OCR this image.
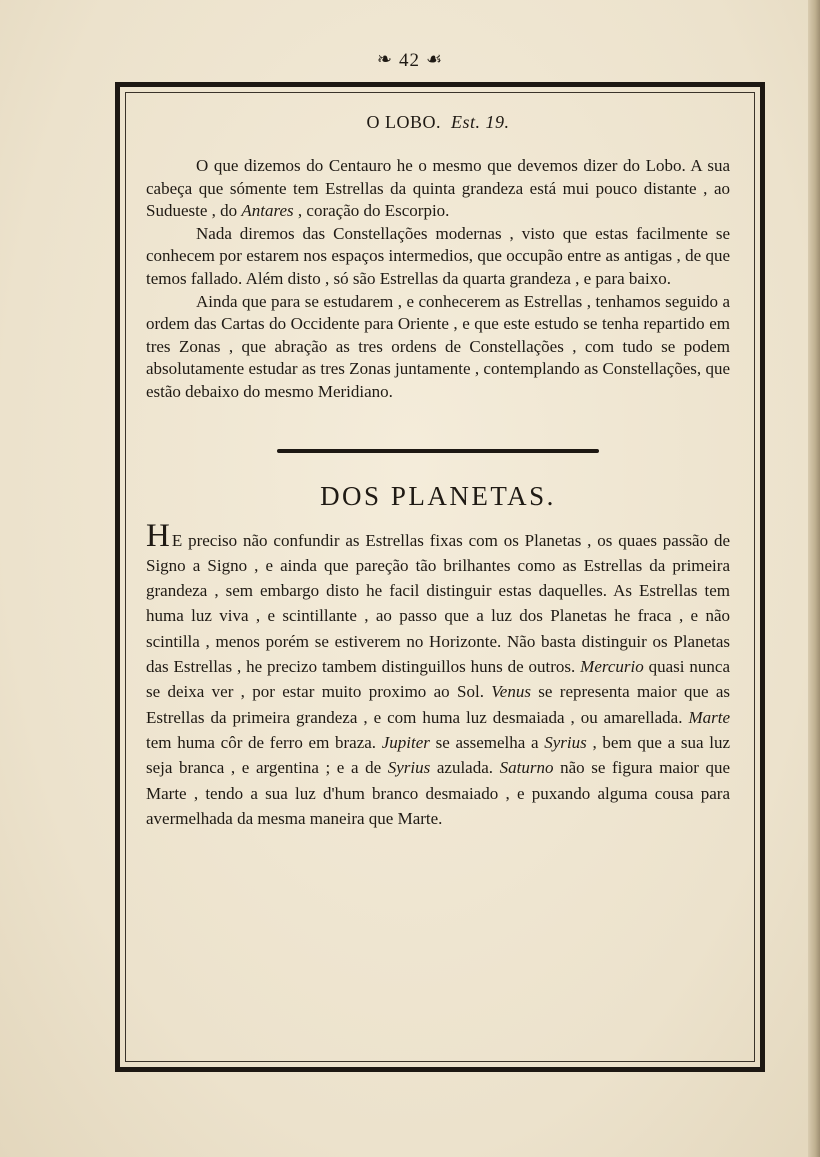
❧ 42 ☙
O LOBO. Est. 19.

O que dizemos do Centauro he o mesmo que devemos dizer do Lobo. A sua cabeça que sómente tem Estrellas da quinta grandeza está mui pouco distante , ao Sudueste , do Antares , coração do Escorpio.

Nada diremos das Constellações modernas , visto que estas facilmente se conhecem por estarem nos espaços intermedios, que occupão entre as antigas , de que temos fallado. Além disto , só são Estrellas da quarta grandeza , e para baixo.

Ainda que para se estudarem , e conhecerem as Estrellas , tenhamos seguido a ordem das Cartas do Occidente para Oriente , e que este estudo se tenha repartido em tres Zonas , que abração as tres ordens de Constellações , com tudo se podem absolutamente estudar as tres Zonas juntamente , contemplando as Constellações, que estão debaixo do mesmo Meridiano.

DOS PLANETAS.

H E preciso não confundir as Estrellas fixas com os Planetas , os quaes passão de Signo a Signo , e ainda que pareção tão brilhantes como as Estrellas da primeira grandeza , sem embargo disto he facil distinguir estas daquelles. As Estrellas tem huma luz viva , e scintillante , ao passo que a luz dos Planetas he fraca , e não scintilla , menos porém se estiverem no Horizonte. Não basta distinguir os Planetas das Estrellas , he precizo tambem distinguillos huns de outros. Mercurio quasi nunca se deixa ver , por estar muito proximo ao Sol. Venus se representa maior que as Estrellas da primeira grandeza , e com huma luz desmaiada , ou amarellada. Marte tem huma côr de ferro em braza. Jupiter se assemelha a Syrius , bem que a sua luz seja branca , e argentina ; e a de Syrius azulada. Saturno não se figura maior que Marte , tendo a sua luz d'hum branco desmaiado , e puxando alguma cousa para avermelhada da mesma maneira que Marte.
